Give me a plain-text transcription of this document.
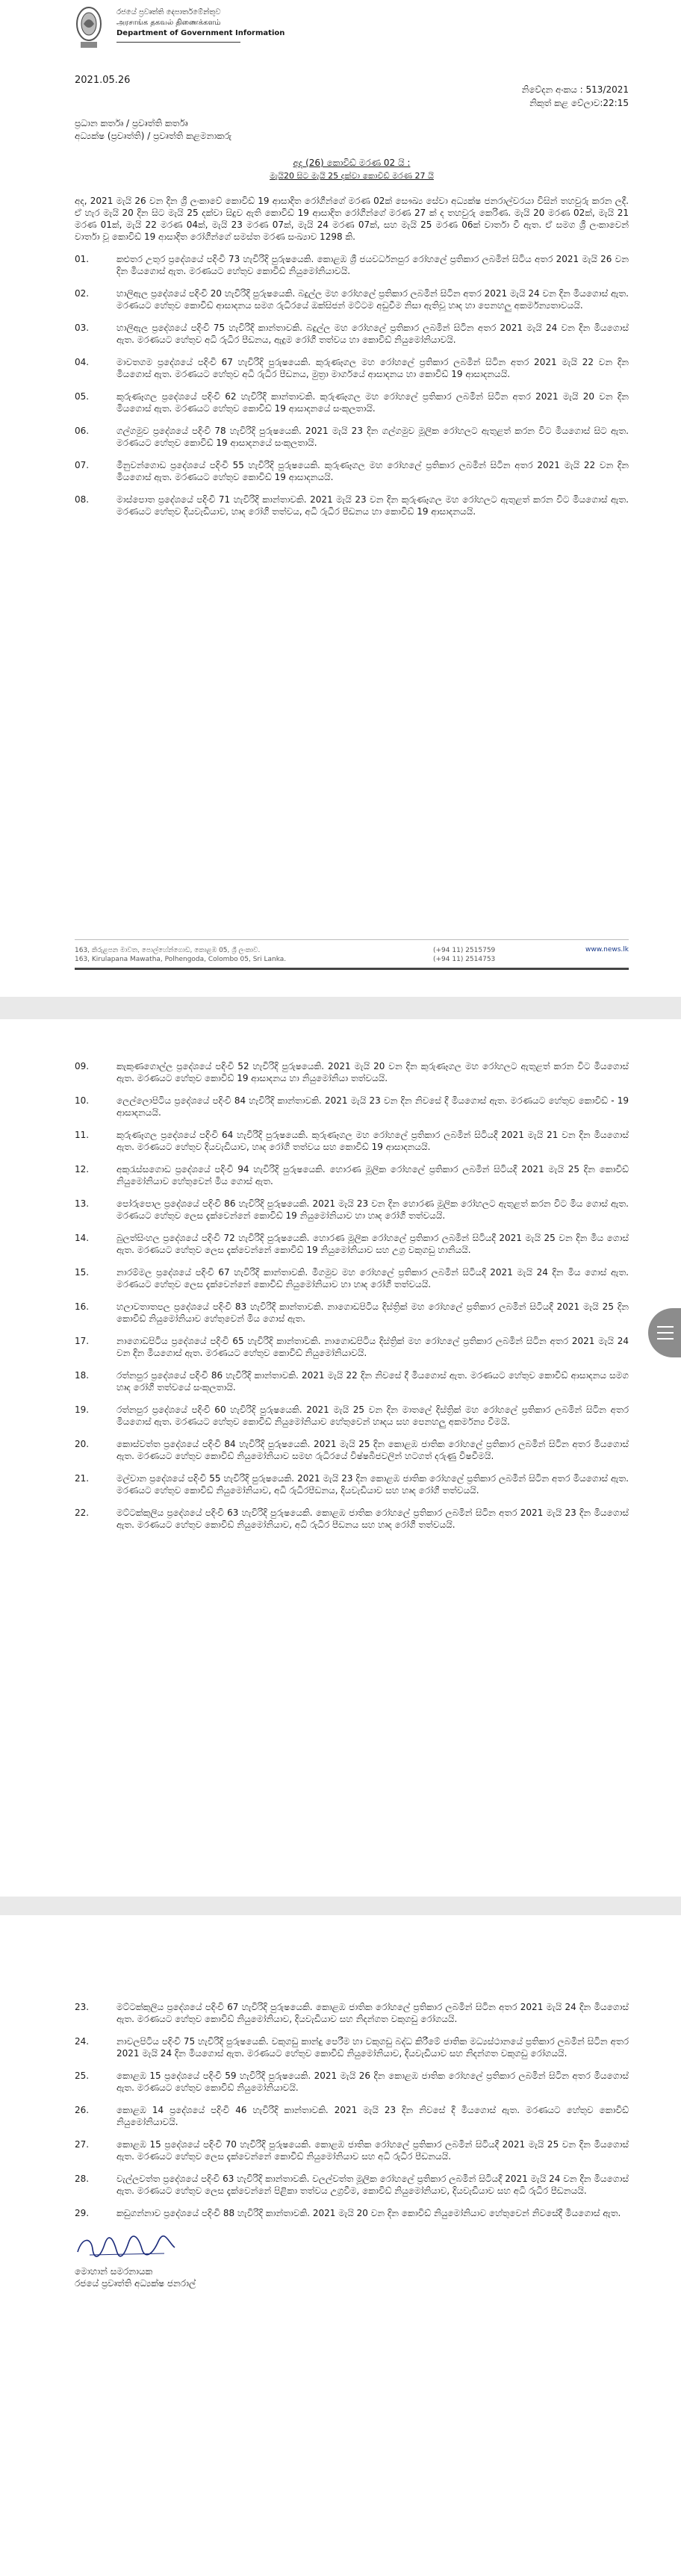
රජයේ ප්‍රවෘත්ති දෙපාර්තමේන්තුව
அரசாங்க தகவல் திணைக்களம்
Department of Government Information
2021.05.26
නිවේදන අංකය : 513/2021
නිකුත් කළ වේලාව:22:15
ප්‍රධාන කර්තෘ / ප්‍රවෘත්ති කර්තෘ
අධ්‍යක්ෂ (ප්‍රවෘත්ති) / ප්‍රවෘත්ති කළමනාකරු
අද (26) කොවිඩ් මරණ 02 යි :
මැයි20 සිට මැයි 25 දක්වා කොවිඩ් මරණ 27 යි
අද, 2021 මැයි 26 වන දින ශ්‍රී ලංකාවේ කොවිඩ් 19 ආසාදිත රෝගීන්ගේ මරණ 02ක් සෞඛ්‍ය සේවා අධ්‍යක්ෂ ජනරාල්වරයා විසින් තහවුරු කරන ලදී. ඒ හැර මැයි 20 දින සිට මැයි 25 දක්වා සිදුව ඇති කොවිඩ් 19 ආසාදිත රෝගීන්ගේ මරණ 27 ක් ද තහවුරු කෙරිණ. මැයි 20 මරණ 02ක්, මැයි 21 මරණ 01ක්, මැයි 22 මරණ 04ක්, මැයි 23 මරණ 07ක්, මැයි 24 මරණ 07ක්, සහ මැයි 25 මරණ 06ක් වාර්තා වී ඇත. ඒ සමග ශ්‍රී ලංකාවෙන් වාර්තා වූ කොවිඩ් 19 ආසාදිත රෝගීන්ගේ සමස්ත මරණ සංඛ්‍යාව 1298 කි.
01.	කළුතර උතුර ප්‍රදේශයේ පදිංචි 73 හැවිරිදි පුරුෂයෙකි. කොළඹ ශ්‍රී ජයවර්ධනපුර රෝහලේ ප්‍රතිකාර ලබමින් සිටිය අතර 2021 මැයි 26 වන දින මියගොස් ඇත. මරණයට හේතුව කොවිඩ් නියුමෝනියාවයි.
02.	හාලිඇල ප්‍රදේශයේ පදිංචි 20 හැවිරිදි පුරුෂයෙකි. බදුල්ල මහ රෝහලේ ප්‍රතිකාර ලබමින් සිටින අතර 2021 මැයි 24 වන දින මියගොස් ඇත. මරණයට හේතුව කොවිඩ් ආසාදනය සමග රුධිරයේ ඔක්සිජන් මට්ටම අඩුවීම නිසා ඇතිවූ හෘද හා පෙනහලු අකර්මන්‍යතාවයයි.
03.	හාලිඇල ප්‍රදේශයේ පදිංචි 75 හැවිරිදි කාන්තාවකි. බදුල්ල මහ රෝහලේ ප්‍රතිකාර ලබමින් සිටින අතර 2021 මැයි 24 වන දින මියගොස් ඇත. මරණයට හේතුව අධි රුධිර පීඩනය, ඇදුම රෝගී තත්වය හා කොවිඩ් නියුමෝනියාවයි.
04.	මාවතගම ප්‍රදේශයේ පදිංචි 67 හැවිරිදි පුරුෂයෙකි. කුරුණෑගල මහ රෝහලේ ප්‍රතිකාර ලබමින් සිටින අතර 2021 මැයි 22 වන දින මියගොස් ඇත. මරණයට හේතුව අධි රුධිර පීඩනය, මුත්‍රා මාර්ගයේ ආසාදනය හා කොවිඩ් 19 ආසාදනයයි.
05.	කුරුණෑගල ප්‍රදේශයේ පදිංචි 62 හැවිරිදි කාන්තාවකි. කුරුණෑගල මහ රෝහලේ ප්‍රතිකාර ලබමින් සිටින අතර 2021 මැයි 20 වන දින මියගොස් ඇත. මරණයට හේතුව කොවිඩ් 19 ආසාදනයේ සංකූලතායි.
06.	ගල්ගමුව ප්‍රදේශයේ පදිංචි 78 හැවිරිදි පුරුෂයෙකි. 2021 මැයි 23 දින ගල්ගමුව මූලික රෝහලට ඇතුළත් කරන විට මියගොස් සිට ඇත. මරණයට හේතුව කොවිඩ් 19 ආසාදනයේ සංකූලතායි.
07.	මීනුවන්ගොඩ ප්‍රදේශයේ පදිංචි 55 හැවිරිදි පුරුෂයෙකි. කුරුණෑගල මහ රෝහලේ ප්‍රතිකාර ලබමින් සිටින අතර 2021 මැයි 22 වන දින මියගොස් ඇත. මරණයට හේතුව කොවිඩ් 19 ආසාදනයයි.
08.	මාස්පොත ප්‍රදේශයේ පදිංචි 71 හැවිරිදි කාන්තාවකි. 2021 මැයි 23 වන දින කුරුණෑගල මහ රෝහලට ඇතුළත් කරන විට මියගොස් ඇත. මරණයට හේතුව දියවැඩියාව, හෘද රෝගී තත්වය, අධි රුධිර පීඩනය හා කොවිඩ් 19 ආසාදනයයි.
163, කිරුළපන මාවත, පොල්හේන්ගොඩ, කොළඹ 05, ශ්‍රී ලංකාව.
163, Kirulapana Mawatha, Polhengoda, Colombo 05, Sri Lanka.
(+94 11) 2515759
(+94 11) 2514753
www.news.lk
09.	කැකුණගොල්ල ප්‍රදේශයේ පදිංචි 52 හැවිරිදි පුරුෂයෙකි. 2021 මැයි 20 වන දින කුරුණෑගල මහ රෝහලට ඇතුළත් කරන විට මියගොස් ඇත. මරණයට හේතුව කොවිඩ් 19 ආසාදනය හා නියුමෝනියා තත්වයයි.
10.	ලෙල්ලොපිටිය ප්‍රදේශයේ පදිංචි 84 හැවිරිදි කාන්තාවකි. 2021 මැයි 23 වන දින නිවසේ දී මියගොස් ඇත. මරණයට හේතුව කොවිඩ් - 19 ආසාදනයයි.
11.	කුරුණෑගල ප්‍රදේශයේ පදිංචි 64 හැවිරිදි පුරුෂයෙකි. කුරුණෑගල මහ රෝහලේ ප්‍රතිකාර ලබමින් සිටියදී 2021 මැයි 21 වන දින මියගොස් ඇත. මරණයට හේතුව දියවැඩියාව, හෘද රෝගී තත්වය සහ කොවිඩ් 19 ආසාදනයයි.
12.	අකුරැස්සගොඩ ප්‍රදේශයේ පදිංචි 94 හැවිරිදි පුරුෂයෙකි. හොරණ මූලික රෝහලේ ප්‍රතිකාර ලබමින් සිටියදී 2021 මැයි 25 දින කොවිඩ් නියුමෝනියාව හේතුවෙන් මිය ගොස් ඇත.
13.	පෝරුපොල ප්‍රදේශයේ පදිංචි 86 හැවිරිදි පුරුෂයෙකි. 2021 මැයි 23 වන දින හොරණ මූලික රෝහලට ඇතුළත් කරන විට මිය ගොස් ඇත. මරණයට හේතුව ලෙස දැක්වෙන්නේ කොවිඩ් 19 නියුමෝනියාව හා හෘද රෝගී තත්වයයි.
14.	බුලත්සිංහල ප්‍රදේශයේ පදිංචි 72 හැවිරිදි පුරුෂයෙකි. හොරණ මූලික රෝහලේ ප්‍රතිකාර ලබමින් සිටියදී 2021 මැයි 25 වන දින මිය ගොස් ඇත. මරණයට හේතුව ලෙස දැක්වෙන්නේ කොවිඩ් 19 නියුමෝනියාව සහ උග්‍ර වකුගඩු හානියයි.
15.	නාරම්මල ප්‍රදේශයේ පදිංචි 67 හැවිරිදි කාන්තාවකි. මීගමුව මහ රෝහලේ ප්‍රතිකාර ලබමින් සිටියදී 2021 මැයි 24 දින මිය ගොස් ඇත. මරණයට හේතුව ලෙස දැක්වෙන්නේ කොවිඩ් නියුමෝනියාව හා හෘද රෝගී තත්වයයි.
16.	හලාවතාතපල ප්‍රදේශයේ පදිංචි 83 හැවිරිදි කාන්තාවකි. නාගොඩපිටිය දිස්ත්‍රික් මහ රෝහලේ ප්‍රතිකාර ලබමින් සිටියදී 2021 මැයි 25 දින කොවිඩ් නියුමෝනියාව හේතුවෙන් මිය ගොස් ඇත.
17.	නාගොඩපිටිය ප්‍රදේශයේ පදිංචි 65 හැවිරිදි කාන්තාවකි. නාගොඩපිටිය දිස්ත්‍රික් මහ රෝහලේ ප්‍රතිකාර ලබමින් සිටින අතර 2021 මැයි 24 වන දින මියගොස් ඇත. මරණයට හේතුව කොවිඩ් නියුමෝනියාවයි.
18.	රත්නපුර ප්‍රදේශයේ පදිංචි 86 හැවිරිදි කාන්තාවකි. 2021 මැයි 22 දින නිවසේ දී මියගොස් ඇත. මරණයට හේතුව කොවිඩ් ආසාදනය සමග හෘද රෝගී තත්වයේ සංකූලතායි.
19.	රත්නපුර ප්‍රදේශයේ පදිංචි 60 හැවිරිදි පුරුෂයෙකි. 2021 මැයි 25 වන දින මාතලේ දිස්ත්‍රික් මහ රෝහලේ ප්‍රතිකාර ලබමින් සිටින අතර මියගොස් ඇත. මරණයට හේතුව කොවිඩ් නියුමෝනියාව හේතුවෙන් හෘදය සහ පෙනහලු අකර්මන්‍ය වීමයි.
20.	කොස්වත්ත ප්‍රදේශයේ පදිංචි 84 හැවිරිදි පුරුෂයෙකි. 2021 මැයි 25 දින කොළඹ ජාතික රෝහලේ ප්‍රතිකාර ලබමින් සිටින අතර මියගොස් ඇත. මරණයට හේතුව කොවිඩ් නියුමෝනියාව සමඟ රුධිරයේ විෂ්ෂබීජවලින් හටගත් දරුණු විෂවීමයි.
21.	මල්වාන ප්‍රදේශයේ පදිංචි 55 හැවිරිදි පුරුෂයෙකි. 2021 මැයි 23 දින කොළඹ ජාතික රෝහලේ ප්‍රතිකාර ලබමින් සිටින අතර මියගොස් ඇත. මරණයට හේතුව කොවිඩ් නියුමෝනියාව, අධි රුධිරපීඩනය, දියවැඩියාව සහ හෘද රෝගී තත්වයයි.
22.	මට්ටක්කුලිය ප්‍රදේශයේ පදිංචි 63 හැවිරිදි පුරුෂයෙකි. කොළඹ ජාතික රෝහලේ ප්‍රතිකාර ලබමින් සිටින අතර 2021 මැයි 23 දින මියගොස් ඇත. මරණයට හේතුව කොවිඩ් නියුමෝනියාව, අධි රුධිර පීඩනය සහ හෘද රෝගී තත්වයයි.
23.	මට්ටක්කුලිය ප්‍රදේශයේ පදිංචි 67 හැවිරිදි පුරුෂයෙකි. කොළඹ ජාතික රෝහලේ ප්‍රතිකාර ලබමින් සිටින අතර 2021 මැයි 24 දින මියගොස් ඇත. මරණයට හේතුව කොවිඩ් නියුමෝනියාව, දියවැඩියාව සහ නිදන්ගත වකුගඩු රෝගයයි.
24.	නාවලපිටිය පදිංචි 75 හැවිරිදි පුරුෂයෙකි. වකුගඩු කාන්දු පෙරීම හා වකුගඩු බද්ධ කිරීමේ ජාතික මධ්‍යස්ථානයේ ප්‍රතිකාර ලබමින් සිටින අතර 2021 මැයි 24 දින මියගොස් ඇත. මරණයට හේතුව කොවිඩ් නියුමෝනියාව, දියවැඩියාව සහ නිදන්ගත වකුගඩු රෝගයයි.
25.	කොළඹ 15 ප්‍රදේශයේ පදිංචි 59 හැවිරිදි පුරුෂයෙකි. 2021 මැයි 26 දින කොළඹ ජාතික රෝහලේ ප්‍රතිකාර ලබමින් සිටින අතර මියගොස් ඇත. මරණයට හේතුව කොවිඩ් නියුමෝනියාවයි.
26.	කොළඹ 14 ප්‍රදේශයේ පදිංචි 46 හැවිරිදි කාන්තාවකි. 2021 මැයි 23 දින නිවසේ දී මියගොස් ඇත. මරණයට හේතුව කොවිඩ් නියුමෝනියාවයි.
27.	කොළඹ 15 ප්‍රදේශයේ පදිංචි 70 හැවිරිදි පුරුෂයෙකි. කොළඹ ජාතික රෝහලේ ප්‍රතිකාර ලබමින් සිටියදී 2021 මැයි 25 වන දින මියගොස් ඇත. මරණයට හේතුව ලෙස දැක්වෙන්නේ කොවිඩ් නියුමෝනියාව සහ අධි රුධිර පීඩනයයි.
28.	වැල්ලවත්ත ප්‍රදේශයේ පදිංචි 63 හැවිරිදි කාන්තාවකි. වලල්වත්ත මූලික රෝහලේ ප්‍රතිකාර ලබමින් සිටියදී 2021 මැයි 24 වන දින මියගොස් ඇත. මරණයට හේතුව ලෙස දැක්වෙන්නේ පිළිකා තත්වය උග්‍රවීම, කොවිඩ් නියුමෝනියාව, දියවැඩියාව සහ අධි රුධිර පීඩනයයි.
29.	කඩුගන්නාව ප්‍රදේශයේ පදිංචි 88 හැවිරිදි කාන්තාවකි. 2021 මැයි 20 වන දින කොවිඩ් නියුමෝනියාව හේතුවෙන් නිවසේදී මියගොස් ඇත.
මොහාන් සමරනායක
රජයේ ප්‍රවෘත්ති අධ්‍යක්ෂ ජනරාල්
